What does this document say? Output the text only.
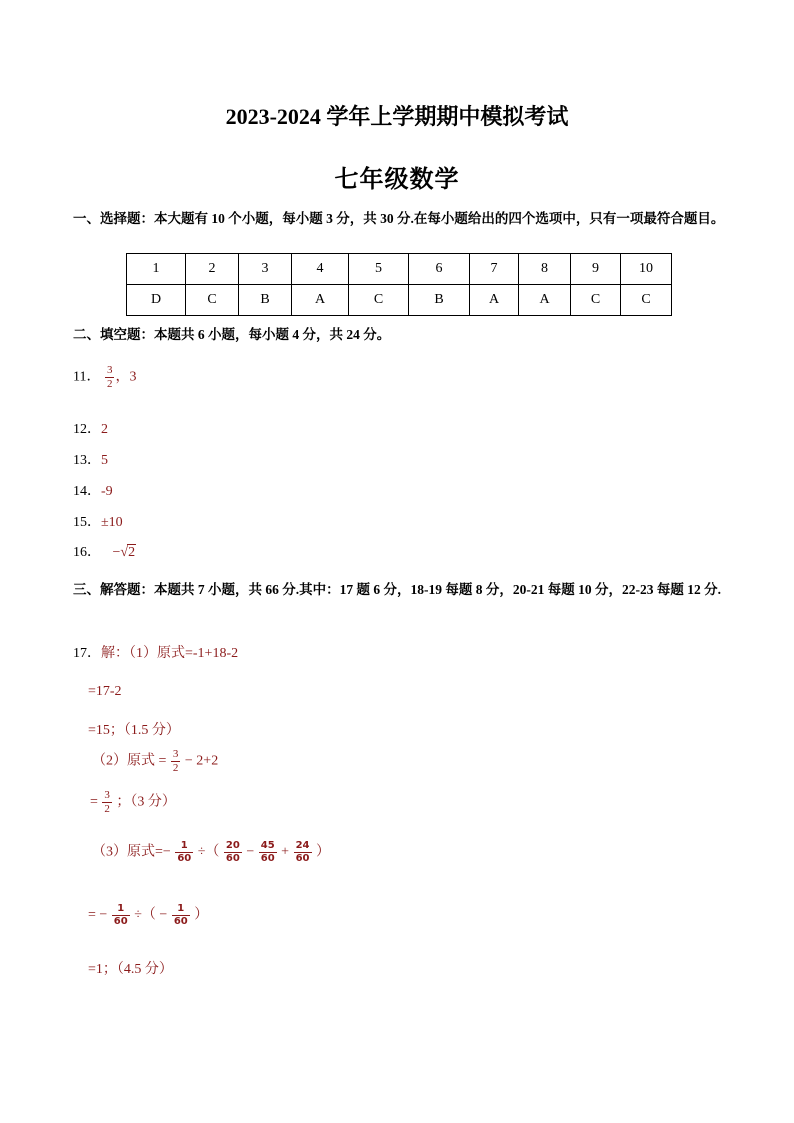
2023-2024 学年上学期期中模拟考试
七年级数学
一、选择题：本大题有 10 个小题，每小题 3 分，共 30 分.在每小题给出的四个选项中，只有一项最符合题目。
1	2	3	4	5	6	7	8	9	10
D	C	B	A	C	B	A	A	C	C
二、填空题：本题共 6 小题，每小题 4 分，共 24 分。
11． $\frac{3}{2}$ ，3
12．2
13．5
14．-9
15．±10
16． −√2
三、解答题：本题共 7 小题，共 66 分.其中：17 题 6 分，18-19 每题 8 分，20-21 每题 10 分，22-23 每题 12 分.
17．解：（1）原式=-1+18-2
=17-2
=15；（1.5 分）
（2）原式 = $\frac{3}{2} - 2+2$
= $\frac{3}{2}$ ；（3 分）
（3）原式=− $\frac{1}{60}$ ÷（ $\frac{20}{60} - \frac{45}{60} + \frac{24}{60}$ ）
= − $\frac{1}{60}$ ÷（ − $\frac{1}{60}$ ）
=1；（4.5 分）
